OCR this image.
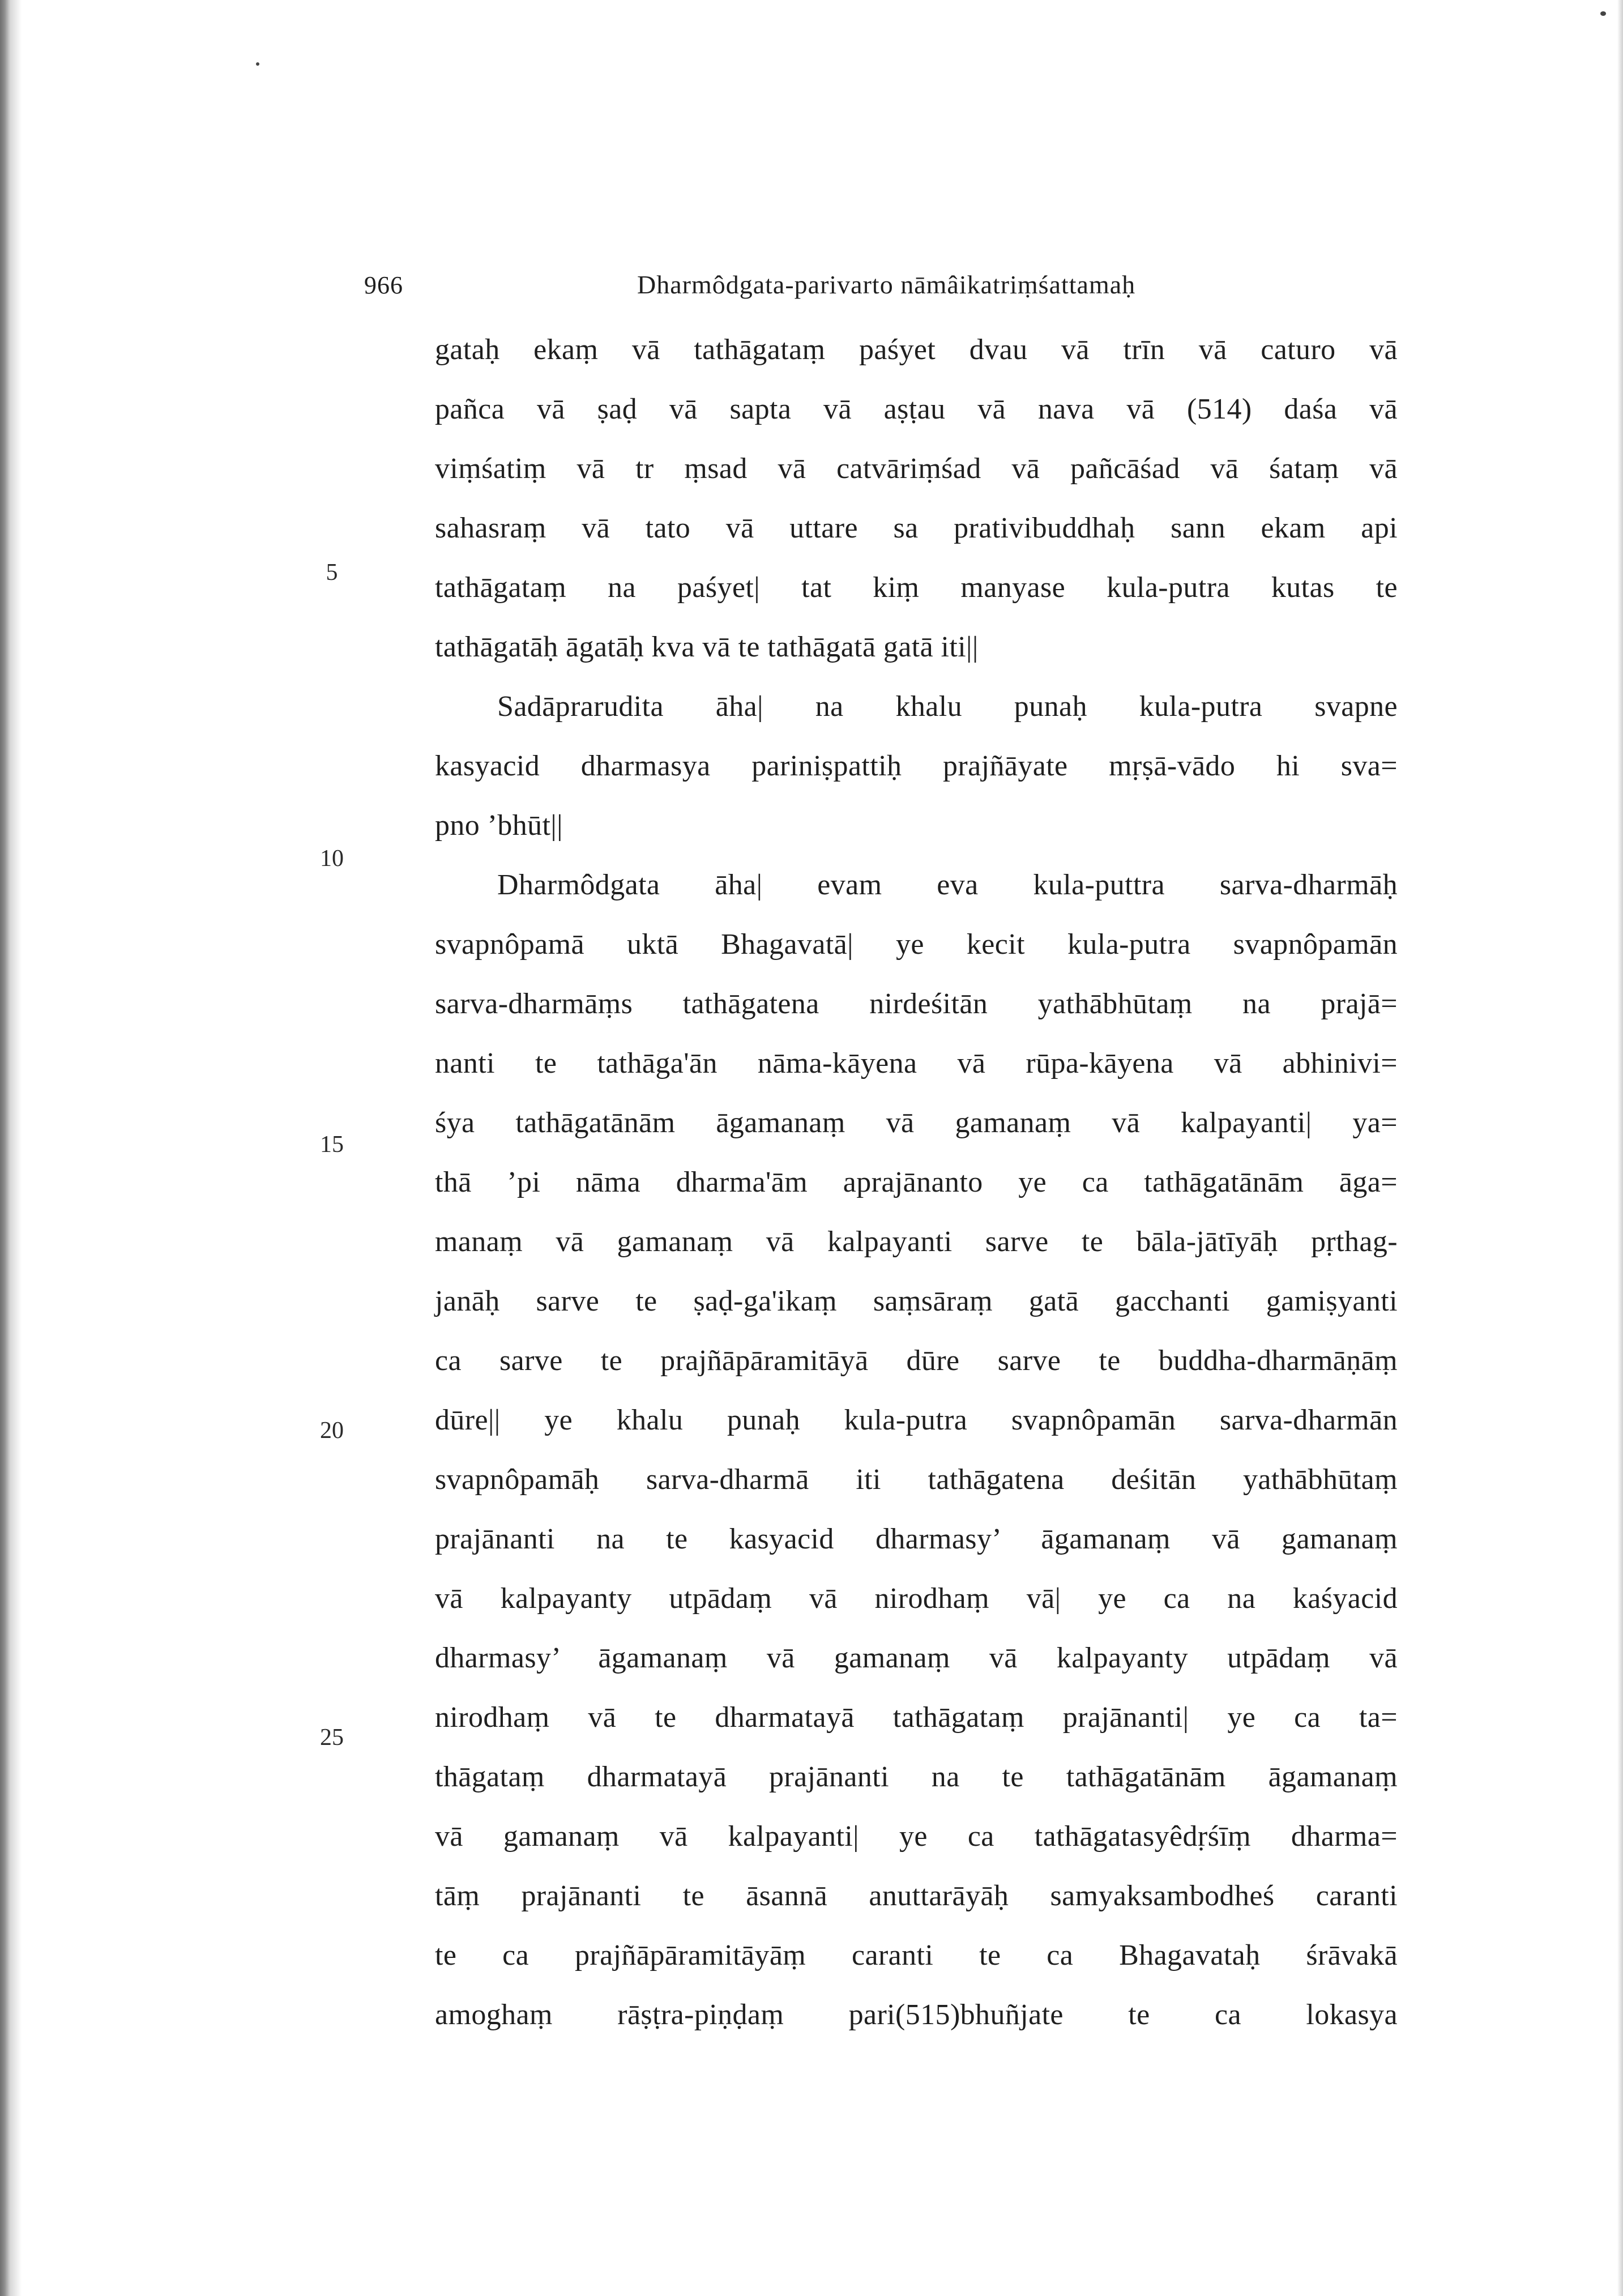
966	Dharmôdgata-parivarto nāmâikatriṃśattamaḥ
5
10
15
20
25
gataḥ ekaṃ vā tathāgataṃ paśyet dvau vā trīn vā caturo vā
pañca vā ṣaḍ vā sapta vā aṣṭau vā nava vā (514) daśa vā
viṃśatiṃ vā tr ṃsad vā catvāriṃśad vā pañcāśad vā śataṃ vā
sahasraṃ vā tato vā uttare sa prativibuddhaḥ sann ekam api
tathāgataṃ na paśyet| tat kiṃ manyase kula-putra kutas te
tathāgatāḥ āgatāḥ kva vā te tathāgatā gatā iti||
Sadāprarudita āha| na khalu punaḥ kula-putra svapne
kasyacid dharmasya pariniṣpattiḥ prajñāyate mṛṣā-vādo hi sva=
pno ’bhūt||
Dharmôdgata āha| evam eva kula-puttra sarva-dharmāḥ
svapnôpamā uktā Bhagavatā| ye kecit kula-putra svapnôpamān
sarva-dharmāṃs tathāgatena nirdeśitān yathābhūtaṃ na prajā=
nanti te tathāga'ān nāma-kāyena vā rūpa-kāyena vā abhinivi=
śya tathāgatānām āgamanaṃ vā gamanaṃ vā kalpayanti| ya=
thā ’pi nāma dharma'ām aprajānanto ye ca tathāgatānām āga=
manaṃ vā gamanaṃ vā kalpayanti sarve te bāla-jātīyāḥ pṛthag-
janāḥ sarve te ṣaḍ-ga'ikaṃ saṃsāraṃ gatā gacchanti gamiṣyanti
ca sarve te prajñāpāramitāyā dūre sarve te buddha-dharmāṇāṃ
dūre|| ye khalu punaḥ kula-putra svapnôpamān sarva-dharmān
svapnôpamāḥ sarva-dharmā iti tathāgatena deśitān yathābhūtaṃ
prajānanti na te kasyacid dharmasy’ āgamanaṃ vā gamanaṃ
vā kalpayanty utpādaṃ vā nirodhaṃ vā| ye ca na kaśyacid
dharmasy’ āgamanaṃ vā gamanaṃ vā kalpayanty utpādaṃ vā
nirodhaṃ vā te dharmatayā tathāgataṃ prajānanti| ye ca ta=
thāgataṃ dharmatayā prajānanti na te tathāgatānām āgamanaṃ
vā gamanaṃ vā kalpayanti| ye ca tathāgatasyêdṛśīṃ dharma=
tāṃ prajānanti te āsannā anuttarāyāḥ samyaksambodheś caranti
te ca prajñāpāramitāyāṃ caranti te ca Bhagavataḥ śrāvakā
amoghaṃ rāṣṭra-piṇḍaṃ pari(515)bhuñjate te ca lokasya
